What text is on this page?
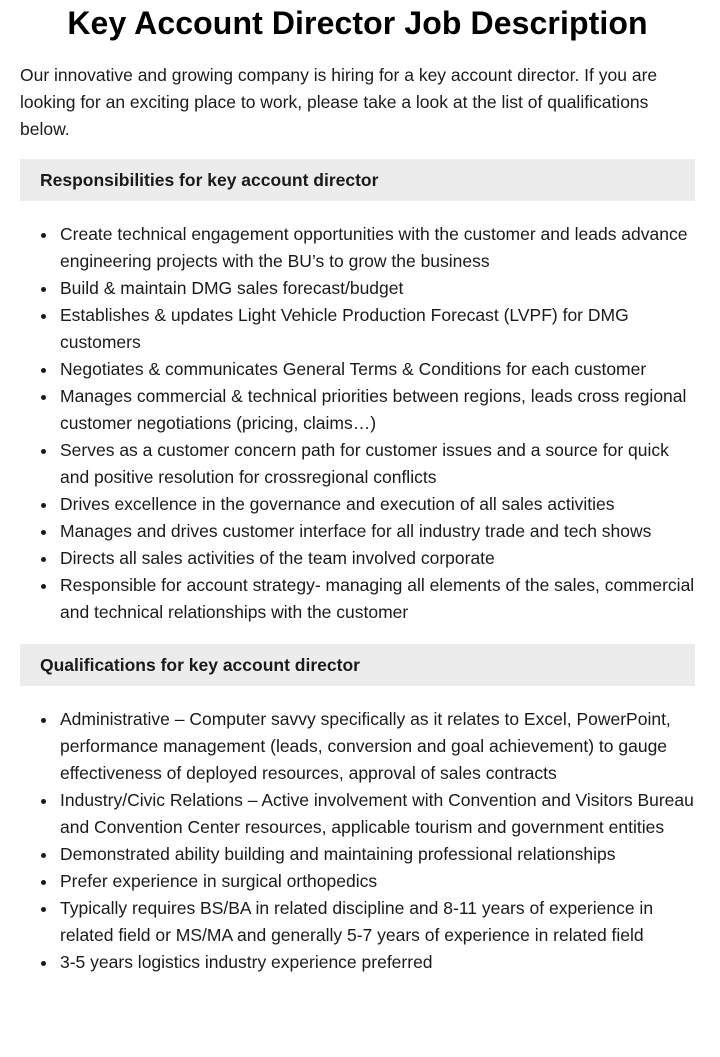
Key Account Director Job Description

Our innovative and growing company is hiring for a key account director. If you are looking for an exciting place to work, please take a look at the list of qualifications below.

Responsibilities for key account director
Create technical engagement opportunities with the customer and leads advance engineering projects with the BU’s to grow the business
Build & maintain DMG sales forecast/budget
Establishes & updates Light Vehicle Production Forecast (LVPF) for DMG customers
Negotiates & communicates General Terms & Conditions for each customer
Manages commercial & technical priorities between regions, leads cross regional customer negotiations (pricing, claims…)
Serves as a customer concern path for customer issues and a source for quick and positive resolution for crossregional conflicts
Drives excellence in the governance and execution of all sales activities
Manages and drives customer interface for all industry trade and tech shows
Directs all sales activities of the team involved corporate
Responsible for account strategy- managing all elements of the sales, commercial and technical relationships with the customer
Qualifications for key account director
Administrative – Computer savvy specifically as it relates to Excel, PowerPoint, performance management (leads, conversion and goal achievement) to gauge effectiveness of deployed resources, approval of sales contracts
Industry/Civic Relations – Active involvement with Convention and Visitors Bureau and Convention Center resources, applicable tourism and government entities
Demonstrated ability building and maintaining professional relationships
Prefer experience in surgical orthopedics
Typically requires BS/BA in related discipline and 8-11 years of experience in related field or MS/MA and generally 5-7 years of experience in related field
3-5 years logistics industry experience preferred
